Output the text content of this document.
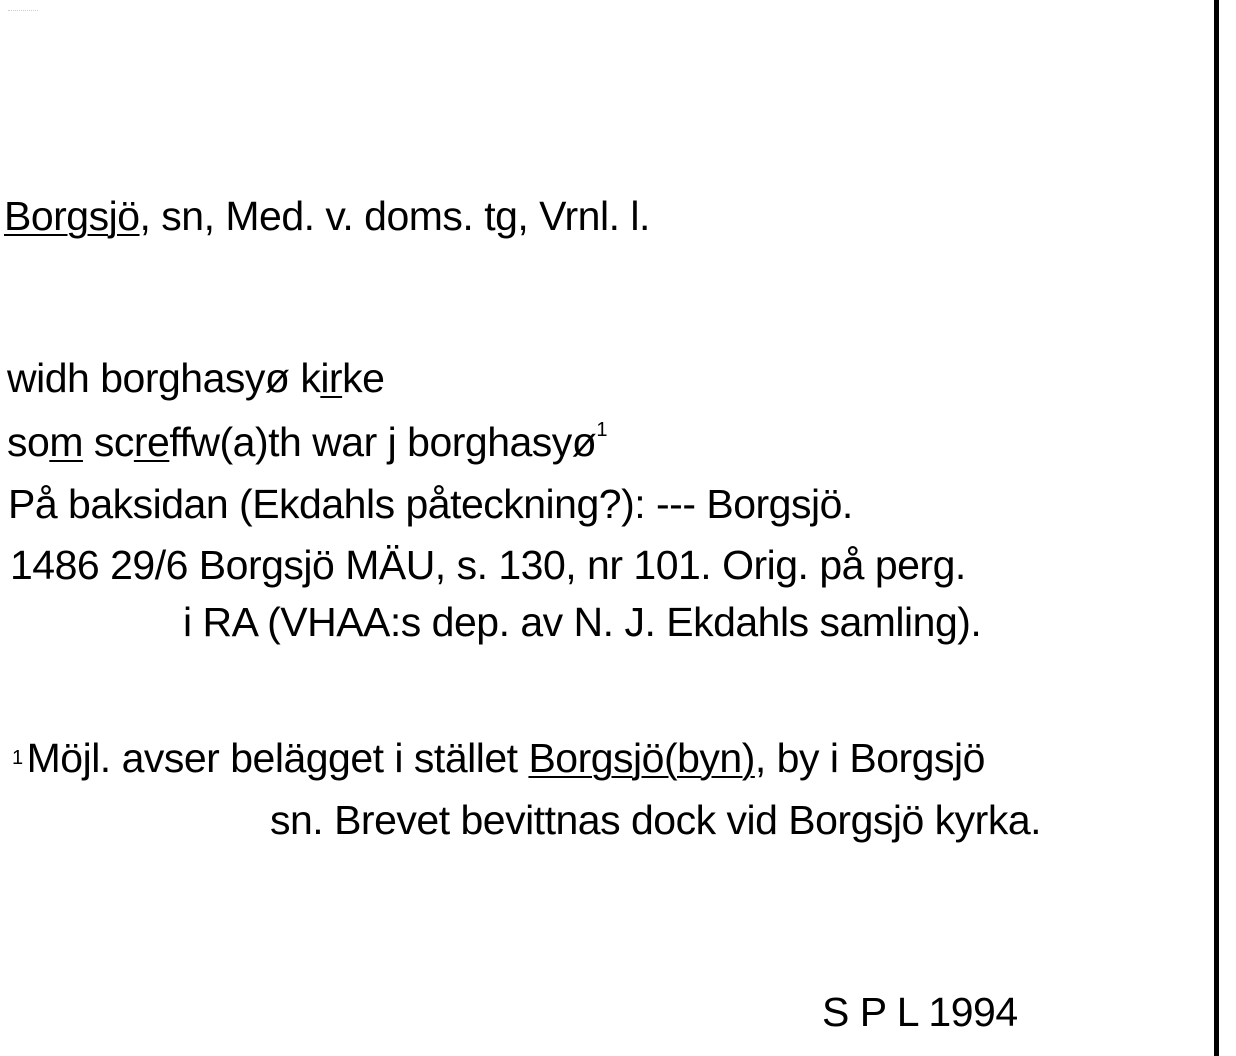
Borgsjö, sn, Med. v. doms. tg, Vrnl. l.
widh borghasyø kirke
som screffw(a)th war j borghasyø$^1$
På baksidan (Ekdahls påteckning?): --- Borgsjö.
1486 29/6 Borgsjö MÄU, s. 130, nr 101. Orig. på perg.
i RA (VHAA:s dep. av N. J. Ekdahls samling).
$^1$Möjl. avser belägget i stället Borgsjö(byn), by i Borgsjö
sn. Brevet bevittnas dock vid Borgsjö kyrka.
S P L 1994
